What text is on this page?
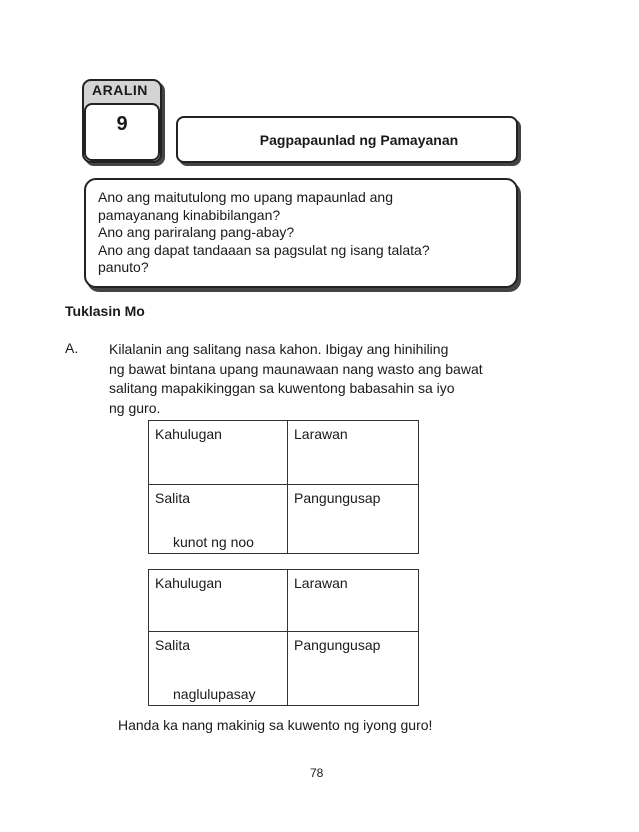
ARALIN
9
Pagpapaunlad ng Pamayanan
Ano ang maitutulong mo upang mapaunlad ang
pamayanang kinabibilangan?
Ano ang pariralang pang-abay?
Ano ang dapat tandaaan sa pagsulat ng isang talata?
panuto?
Tuklasin Mo
A. Kilalanin ang salitang nasa kahon. Ibigay ang hinihiling
ng bawat bintana upang maunawaan nang wasto ang bawat
salitang mapakikinggan sa kuwentong babasahin sa iyo
ng guro.
Kahulugan	Larawan

Salita
kunot ng noo	Pangungusap
Kahulugan	Larawan

Salita
naglulupasay	Pangungusap
Handa ka nang makinig sa kuwento ng iyong guro!
78
